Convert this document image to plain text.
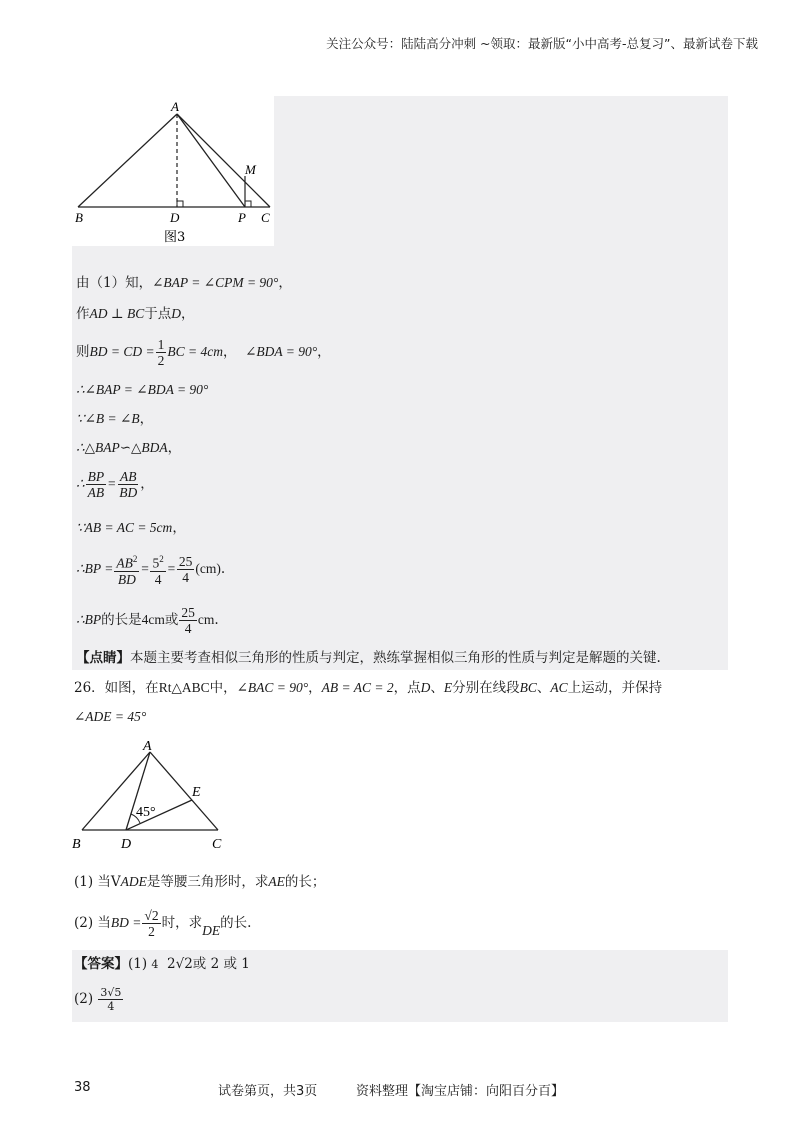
关注公众号：陆陆高分冲刺 ~领取：最新版“小中高考-总复习”、最新试卷下载
A
B	D	P C
M
图3
由（1）知，∠BAP = ∠CPM = 90°，
作AD ⊥ BC于点D，
则BD = CD = $\frac{1}{2}$ BC = 4cm， ∠BDA = 90°，
∴∠BAP = ∠BDA = 90°
∵∠B = ∠B，
∴△BAP∽△BDA，
∴ $\frac{BP}{AB} = \frac{AB}{BD}$ ，
∵AB = AC = 5cm，
∴BP = $\frac{AB^2}{BD} = \frac{5^2}{4} = \frac{25}{4} (cm)$.
∴BP的长是4cm或 $\frac{25}{4}$ cm.
【点睛】本题主要考查相似三角形的性质与判定，熟练掌握相似三角形的性质与判定是解题的关键.
26．如图，在Rt△ABC中，∠BAC = 90°，AB = AC = 2，点D、E分别在线段BC、AC上运动，并保持
∠ADE = 45°
A
B	D	C
E
45°
(1) 当VADE是等腰三角形时，求AE的长；
(2) 当BD = $\frac{√2}{2}$ 时，求DE的长.
【答案】(1) 4 2√2或 2 或 1
$(2) \frac{3√5}{4}$
38	试卷第页，共3页	资料整理【淘宝店铺：向阳百分百】
